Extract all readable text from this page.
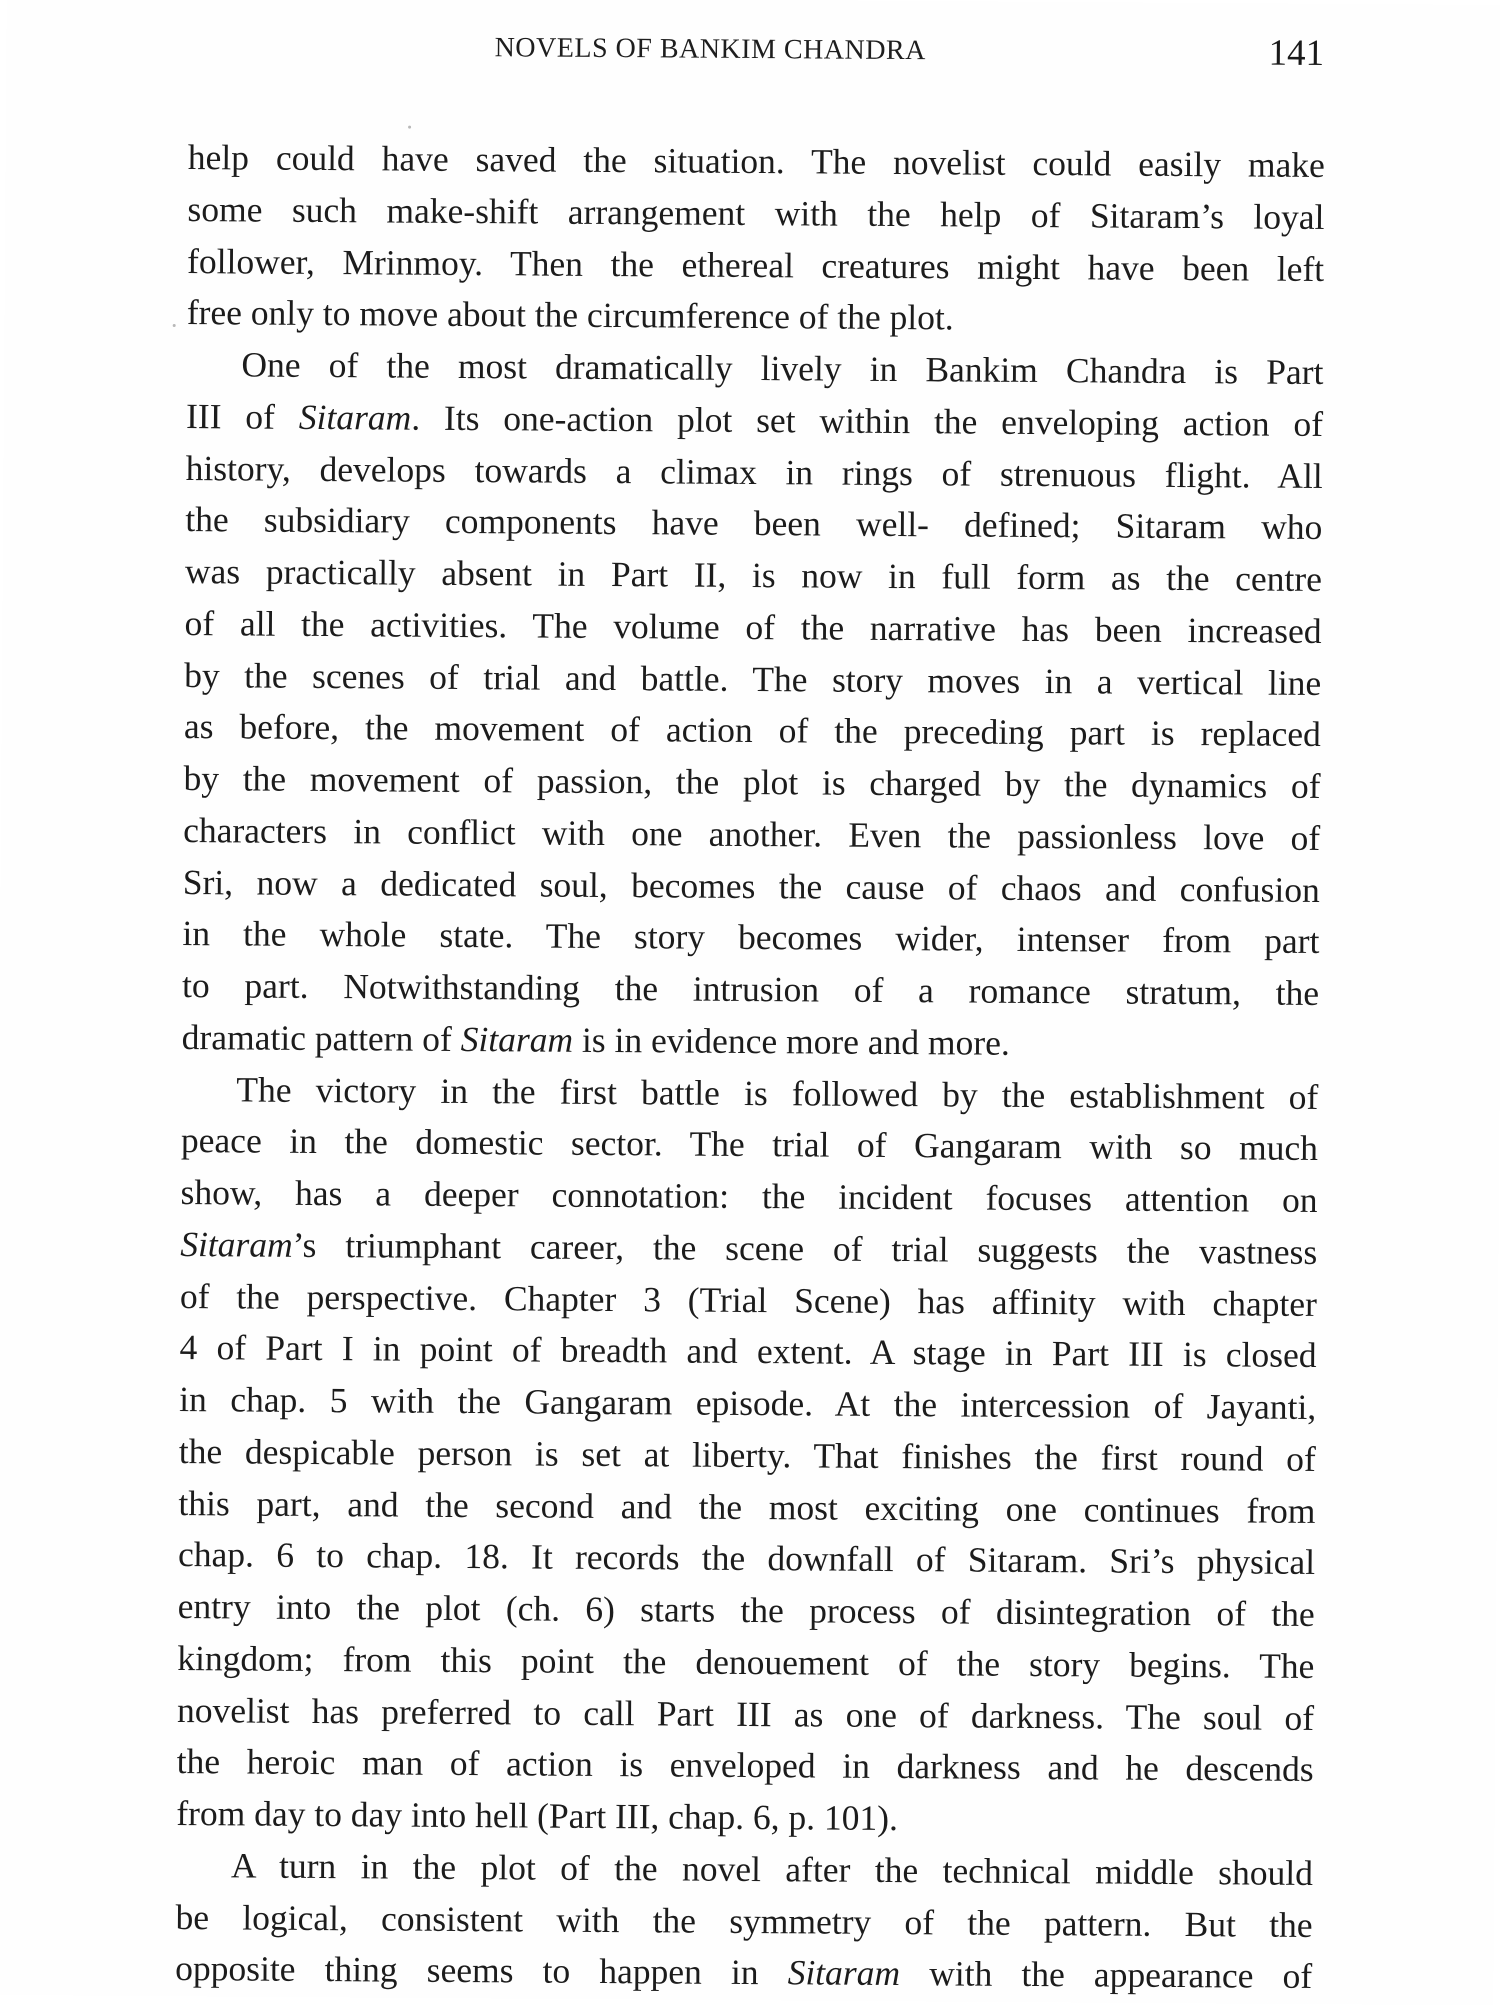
NOVELS OF BANKIM CHANDRA	141
help could have saved the situation. The novelist could easily make
some such make-shift arrangement with the help of Sitaram’s loyal
follower, Mrinmoy. Then the ethereal creatures might have been left
free only to move about the circumference of the plot.
One of the most dramatically lively in Bankim Chandra is Part
III of Sitaram. Its one-action plot set within the enveloping action of
history, develops towards a climax in rings of strenuous flight. All
the subsidiary components have been well- defined; Sitaram who
was practically absent in Part II, is now in full form as the centre
of all the activities. The volume of the narrative has been increased
by the scenes of trial and battle. The story moves in a vertical line
as before, the movement of action of the preceding part is replaced
by the movement of passion, the plot is charged by the dynamics of
characters in conflict with one another. Even the passionless love of
Sri, now a dedicated soul, becomes the cause of chaos and confusion
in the whole state. The story becomes wider, intenser from part
to part. Notwithstanding the intrusion of a romance stratum, the
dramatic pattern of Sitaram is in evidence more and more.
The victory in the first battle is followed by the establishment of
peace in the domestic sector. The trial of Gangaram with so much
show, has a deeper connotation: the incident focuses attention on
Sitaram’s triumphant career, the scene of trial suggests the vastness
of the perspective. Chapter 3 (Trial Scene) has affinity with chapter
4 of Part I in point of breadth and extent. A stage in Part III is closed
in chap. 5 with the Gangaram episode. At the intercession of Jayanti,
the despicable person is set at liberty. That finishes the first round of
this part, and the second and the most exciting one continues from
chap. 6 to chap. 18. It records the downfall of Sitaram. Sri’s physical
entry into the plot (ch. 6) starts the process of disintegration of the
kingdom; from this point the denouement of the story begins. The
novelist has preferred to call Part III as one of darkness. The soul of
the heroic man of action is enveloped in darkness and he descends
from day to day into hell (Part III, chap. 6, p. 101).
A turn in the plot of the novel after the technical middle should
be logical, consistent with the symmetry of the pattern. But the
opposite thing seems to happen in Sitaram with the appearance of
